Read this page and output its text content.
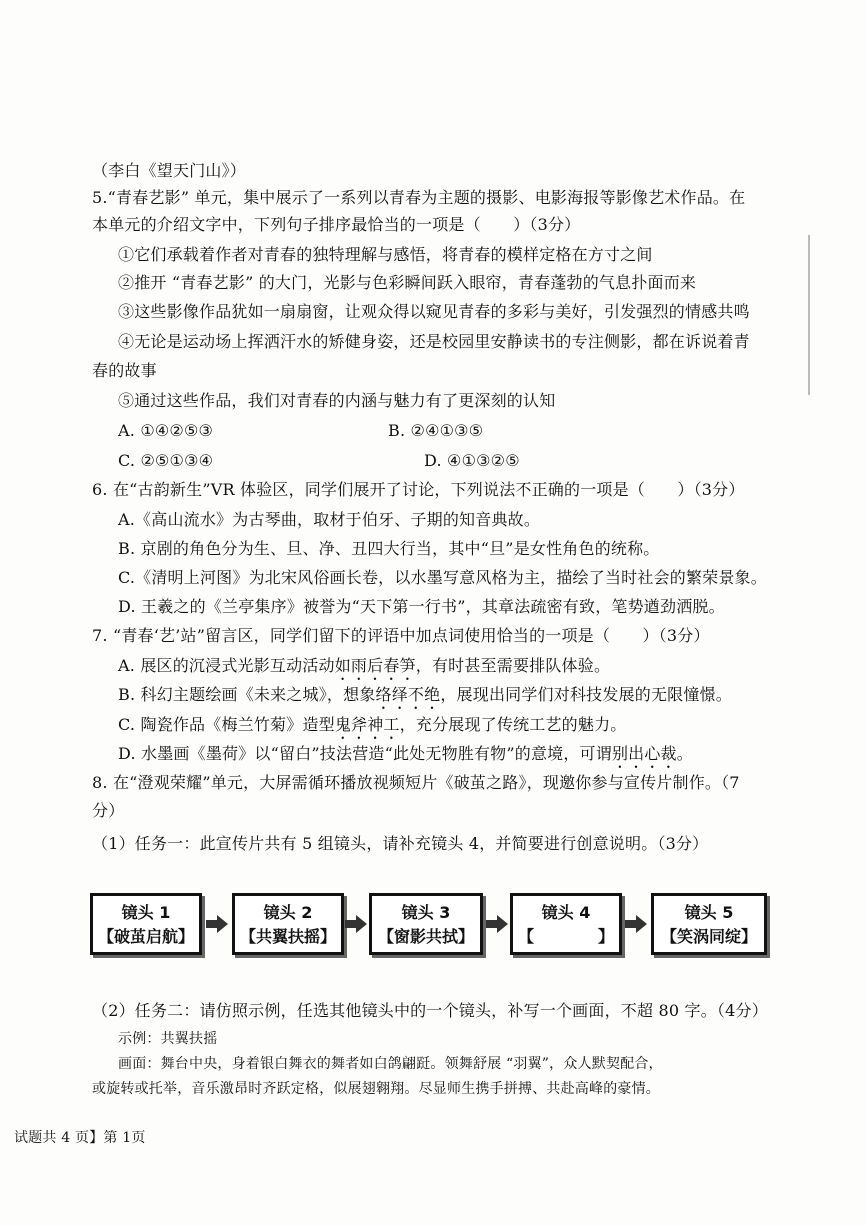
（李白《望天门山》）
5.“青春艺影” 单元，集中展示了一系列以青春为主题的摄影、电影海报等影像艺术作品。在
本单元的介绍文字中，下列句子排序最恰当的一项是（　　）（3分）
①它们承载着作者对青春的独特理解与感悟，将青春的模样定格在方寸之间
②推开 “青春艺影” 的大门，光影与色彩瞬间跃入眼帘，青春蓬勃的气息扑面而来
③这些影像作品犹如一扇扇窗，让观众得以窥见青春的多彩与美好，引发强烈的情感共鸣
④无论是运动场上挥洒汗水的矫健身姿，还是校园里安静读书的专注侧影，都在诉说着青
春的故事
⑤通过这些作品，我们对青春的内涵与魅力有了更深刻的认知
A. ①④②⑤③	B. ②④①③⑤
C. ②⑤①③④	D. ④①③②⑤
6. 在“古韵新生”VR 体验区，同学们展开了讨论，下列说法不正确的一项是（　　）（3分）
A.《高山流水》为古琴曲，取材于伯牙、子期的知音典故。
B. 京剧的角色分为生、旦、净、丑四大行当，其中“旦”是女性角色的统称。
C.《清明上河图》为北宋风俗画长卷，以水墨写意风格为主，描绘了当时社会的繁荣景象。
D. 王羲之的《兰亭集序》被誉为“天下第一行书”，其章法疏密有致，笔势遒劲洒脱。
7. “青春‘艺’站”留言区，同学们留下的评语中加点词使用恰当的一项是（　　）（3分）
A. 展区的沉浸式光影互动活动如雨后春笋，有时甚至需要排队体验。
B. 科幻主题绘画《未来之城》，想象络绎不绝，展现出同学们对科技发展的无限憧憬。
C. 陶瓷作品《梅兰竹菊》造型鬼斧神工，充分展现了传统工艺的魅力。
D. 水墨画《墨荷》以“留白”技法营造“此处无物胜有物”的意境，可谓别出心裁。
8. 在“澄观荣耀”单元，大屏需循环播放视频短片《破茧之路》，现邀你参与宣传片制作。（7
分）
（1）任务一：此宣传片共有 5 组镜头，请补充镜头 4，并简要进行创意说明。（3分）
镜头 1
【破茧启航】
镜头 2
【共翼扶摇】
镜头 3
【窗影共拭】
镜头 4
【　　　　】
镜头 5
【笑涡同绽】
（2）任务二：请仿照示例，任选其他镜头中的一个镜头，补写一个画面，不超 80 字。（4分）
示例：共翼扶摇
画面：舞台中央，身着银白舞衣的舞者如白鸽翩跹。领舞舒展 “羽翼”，众人默契配合，
或旋转或托举，音乐激昂时齐跃定格，似展翅翱翔。尽显师生携手拼搏、共赴高峰的豪情。
试题共 4 页】第 1页
